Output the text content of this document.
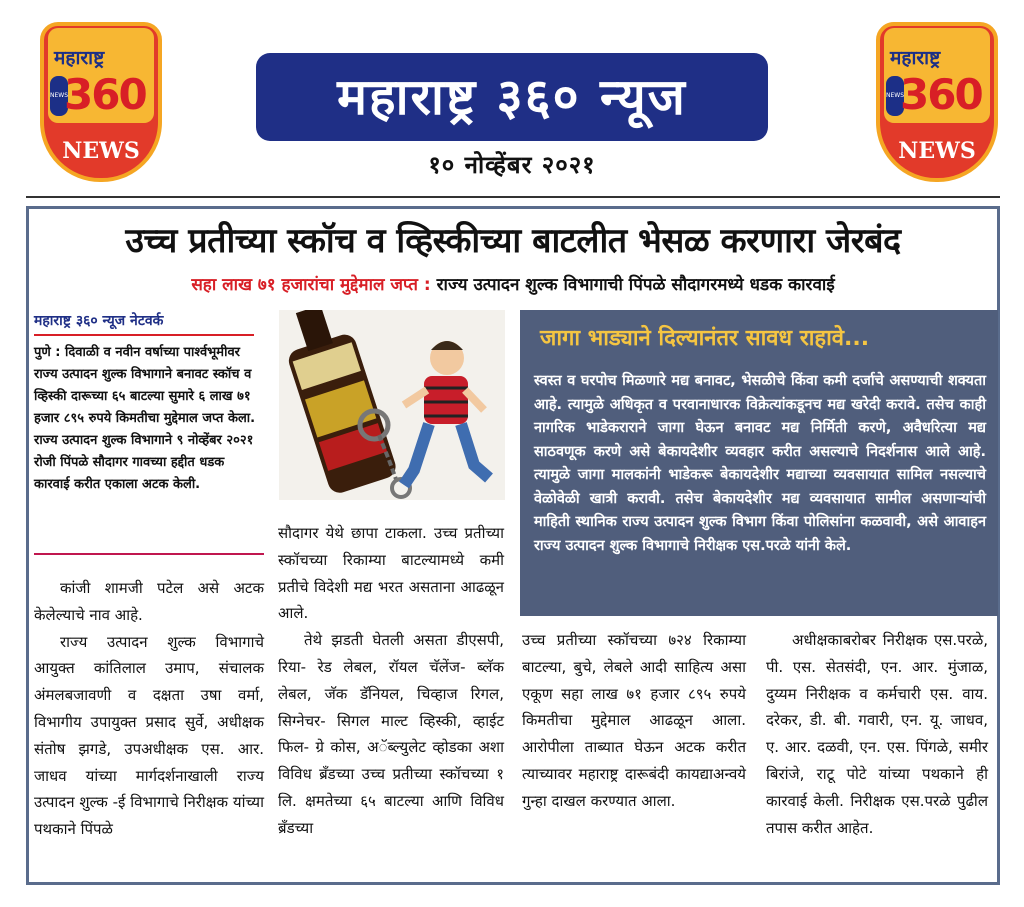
महाराष्ट्र
NEWS
360
NEWS
महाराष्ट्र
NEWS
360
NEWS
महाराष्ट्र ३६० न्यूज
१० नोव्हेंबर २०२१
उच्च प्रतीच्या स्कॉच व व्हिस्कीच्या बाटलीत भेसळ करणारा जेरबंद
सहा लाख ७१ हजारांचा मुद्देमाल जप्त : राज्य उत्पादन शुल्क विभागाची पिंपळे सौदागरमध्ये धडक कारवाई
महाराष्ट्र ३६० न्यूज नेटवर्क
पुणे : दिवाळी व नवीन वर्षाच्या पार्श्वभूमीवर राज्य उत्पादन शुल्क विभागाने बनावट स्कॉच व व्हिस्की दारूच्या ६५ बाटल्या सुमारे ६ लाख ७१ हजार ८९५ रुपये किमतीचा मुद्देमाल जप्त केला. राज्य उत्पादन शुल्क विभागाने ९ नोव्हेंबर २०२१ रोजी पिंपळे सौदागर गावच्या हद्दीत धडक कारवाई करीत एकाला अटक केली.

कांजी शामजी पटेल असे अटक केलेल्याचे नाव आहे.

राज्य उत्पादन शुल्क विभागाचे आयुक्त कांतिलाल उमाप, संचालक अंमलबजावणी व दक्षता उषा वर्मा, विभागीय उपायुक्त प्रसाद सुर्वे, अधीक्षक संतोष झगडे, उपअधीक्षक एस. आर. जाधव यांच्या मार्गदर्शनाखाली राज्य उत्पादन शुल्क -ई विभागाचे निरीक्षक यांच्या पथकाने पिंपळे

सौदागर येथे छापा टाकला. उच्च प्रतीच्या स्कॉचच्या रिकाम्या बाटल्यामध्ये कमी प्रतीचे विदेशी मद्य भरत असताना आढळून आले.

तेथे झडती घेतली असता डीएसपी, रिया- रेड लेबल, रॉयल चॅलेंज- ब्लॅक लेबल, जॅक डॅनियल, चिव्हाज रिगल, सिग्नेचर- सिगल माल्ट व्हिस्की, व्हाईट फिल- ग्रे कोस, अॅब्ल्युलेट व्होडका अशा विविध ब्रँडच्या उच्च प्रतीच्या स्कॉचच्या १ लि. क्षमतेच्या ६५ बाटल्या आणि विविध ब्रँडच्या

जागा भाड्याने दिल्यानंतर सावध राहावे...
स्वस्त व घरपोच मिळणारे मद्य बनावट, भेसळीचे किंवा कमी दर्जाचे असण्याची शक्यता आहे. त्यामुळे अधिकृत व परवानाधारक विक्रेत्यांकडूनच मद्य खरेदी करावे. तसेच काही नागरिक भाडेकराराने जागा घेऊन बनावट मद्य निर्मिती करणे, अवैधरित्या मद्य साठवणूक करणे असे बेकायदेशीर व्यवहार करीत असल्याचे निदर्शनास आले आहे. त्यामुळे जागा मालकांनी भाडेकरू बेकायदेशीर मद्याच्या व्यवसायात सामिल नसल्याचे वेळोवेळी खात्री करावी. तसेच बेकायदेशीर मद्य व्यवसायात सामील असणाऱ्यांची माहिती स्थानिक राज्य उत्पादन शुल्क विभाग किंवा पोलिसांना कळवावी, असे आवाहन राज्य उत्पादन शुल्क विभागाचे निरीक्षक एस.परळे यांनी केले.

उच्च प्रतीच्या स्कॉचच्या ७२४ रिकाम्या बाटल्या, बुचे, लेबले आदी साहित्य असा एकूण सहा लाख ७१ हजार ८९५ रुपये किमतीचा मुद्देमाल आढळून आला. आरोपीला ताब्यात घेऊन अटक करीत त्याच्यावर महाराष्ट्र दारूबंदी कायद्याअन्वये गुन्हा दाखल करण्यात आला.

अधीक्षकाबरोबर निरीक्षक एस.परळे, पी. एस. सेतसंदी, एन. आर. मुंजाळ, दुय्यम निरीक्षक व कर्मचारी एस. वाय. दरेकर, डी. बी. गवारी, एन. यू. जाधव, ए. आर. दळवी, एन. एस. पिंगळे, समीर बिरांजे, राटू पोटे यांच्या पथकाने ही कारवाई केली. निरीक्षक एस.परळे पुढील तपास करीत आहेत.
